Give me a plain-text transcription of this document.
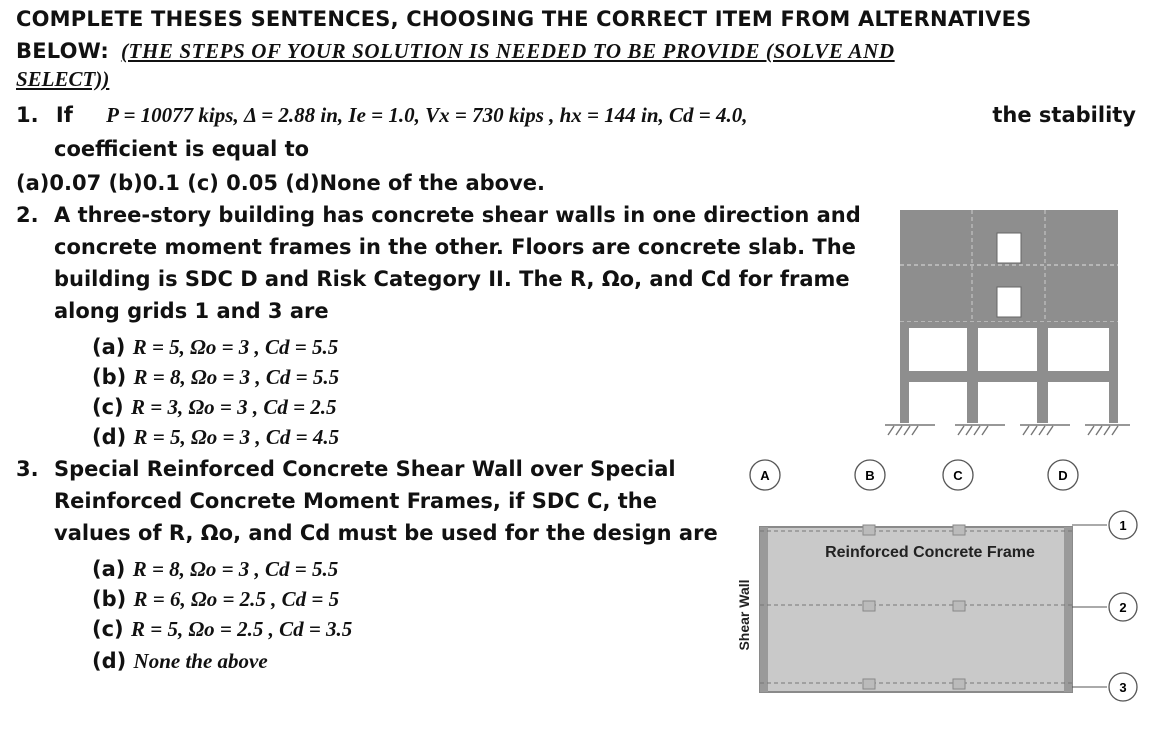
COMPLETE THESES SENTENCES, CHOOSING THE CORRECT ITEM FROM ALTERNATIVES
BELOW: (THE STEPS OF YOUR SOLUTION IS NEEDED TO BE PROVIDE (SOLVE AND
SELECT))
1. If P = 10077 kips, Δ = 2.88 in, Ie = 1.0, Vx = 730 kips , hx = 144 in, Cd = 4.0,	the stability
coefficient is equal to
(a)0.07 (b)0.1 (c) 0.05 (d)None of the above.
2. A three-story building has concrete shear walls in one direction and
concrete moment frames in the other. Floors are concrete slab. The
building is SDC D and Risk Category II. The R, Ωo, and Cd for frame
along grids 1 and 3 are
(a) R = 5, Ωo = 3 , Cd = 5.5
(b) R = 8, Ωo = 3 , Cd = 5.5
(c) R = 3, Ωo = 3 , Cd = 2.5
(d) R = 5, Ωo = 3 , Cd = 4.5
3. Special Reinforced Concrete Shear Wall over Special
Reinforced Concrete Moment Frames, if SDC C, the
values of R, Ωo, and Cd must be used for the design are
(a) R = 8, Ωo = 3 , Cd = 5.5
(b) R = 6, Ωo = 2.5 , Cd = 5
(c) R = 5, Ωo = 2.5 , Cd = 3.5
(d) None the above
A	B	C	D
Reinforced Concrete Frame
Shear Wall
1
2
3
